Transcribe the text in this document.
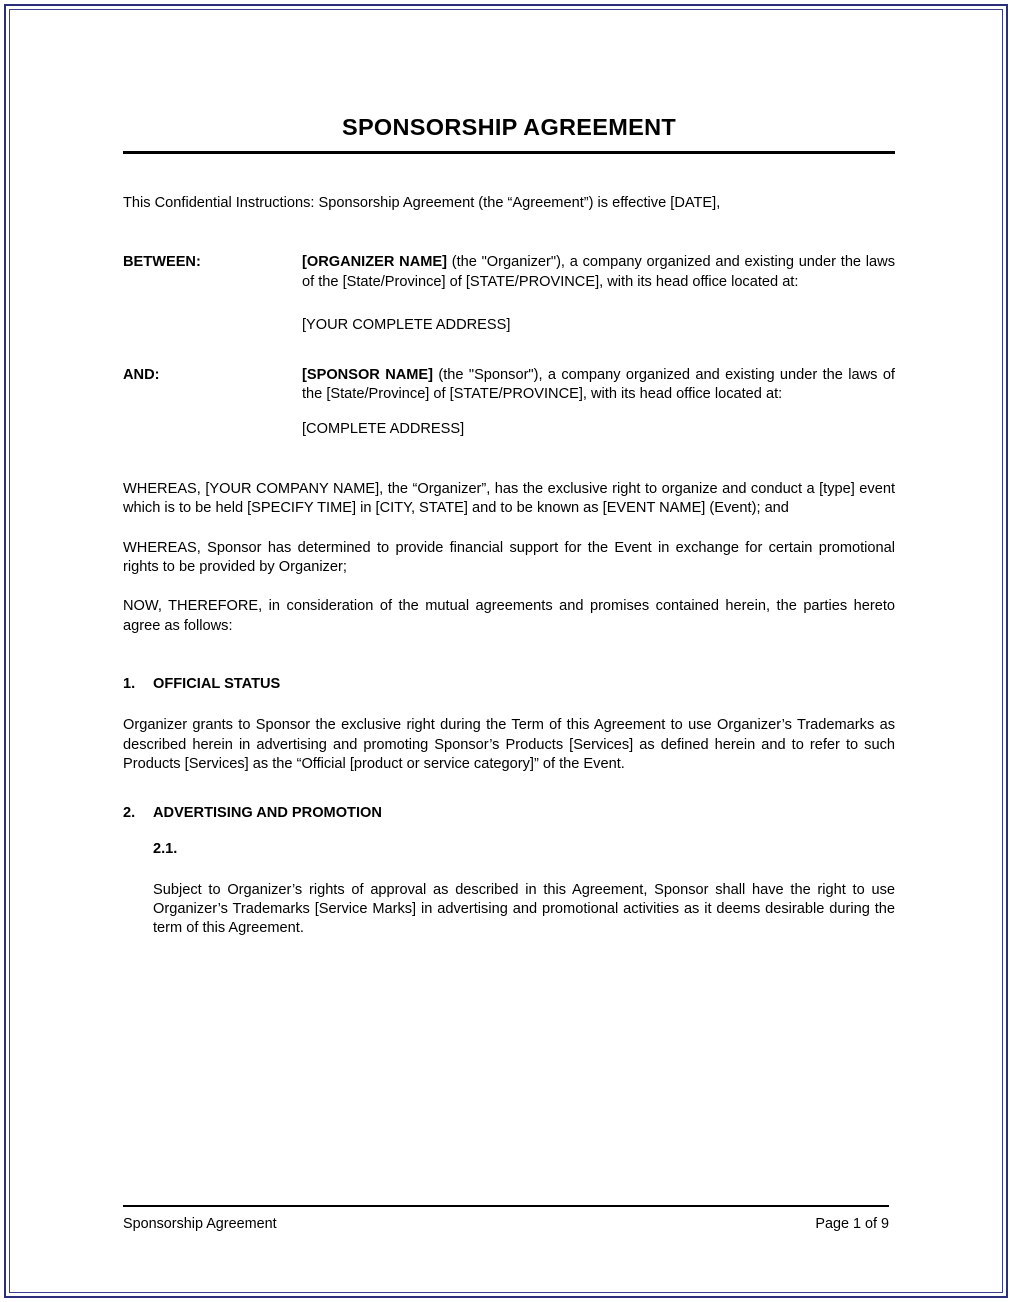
SPONSORSHIP AGREEMENT

This Confidential Instructions: Sponsorship Agreement (the “Agreement”) is effective [DATE],

BETWEEN:	[ORGANIZER NAME] (the "Organizer"), a company organized and existing under the laws of the [State/Province] of [STATE/PROVINCE], with its head office located at:
[YOUR COMPLETE ADDRESS]
AND:	[SPONSOR NAME] (the "Sponsor"), a company organized and existing under the laws of the [State/Province] of [STATE/PROVINCE], with its head office located at:
[COMPLETE ADDRESS]

WHEREAS, [YOUR COMPANY NAME], the “Organizer”, has the exclusive right to organize and conduct a [type] event which is to be held [SPECIFY TIME] in [CITY, STATE] and to be known as [EVENT NAME] (Event); and

WHEREAS, Sponsor has determined to provide financial support for the Event in exchange for certain promotional rights to be provided by Organizer;

NOW, THEREFORE, in consideration of the mutual agreements and promises contained herein, the parties hereto agree as follows:

1.	OFFICIAL STATUS

Organizer grants to Sponsor the exclusive right during the Term of this Agreement to use Organizer’s Trademarks as described herein in advertising and promoting Sponsor’s Products [Services] as defined herein and to refer to such Products [Services] as the “Official [product or service category]” of the Event.

2.	ADVERTISING AND PROMOTION
2.1.
Subject to Organizer’s rights of approval as described in this Agreement, Sponsor shall have the right to use Organizer’s Trademarks [Service Marks] in advertising and promotional activities as it deems desirable during the term of this Agreement.
Sponsorship Agreement	Page 1 of 9
